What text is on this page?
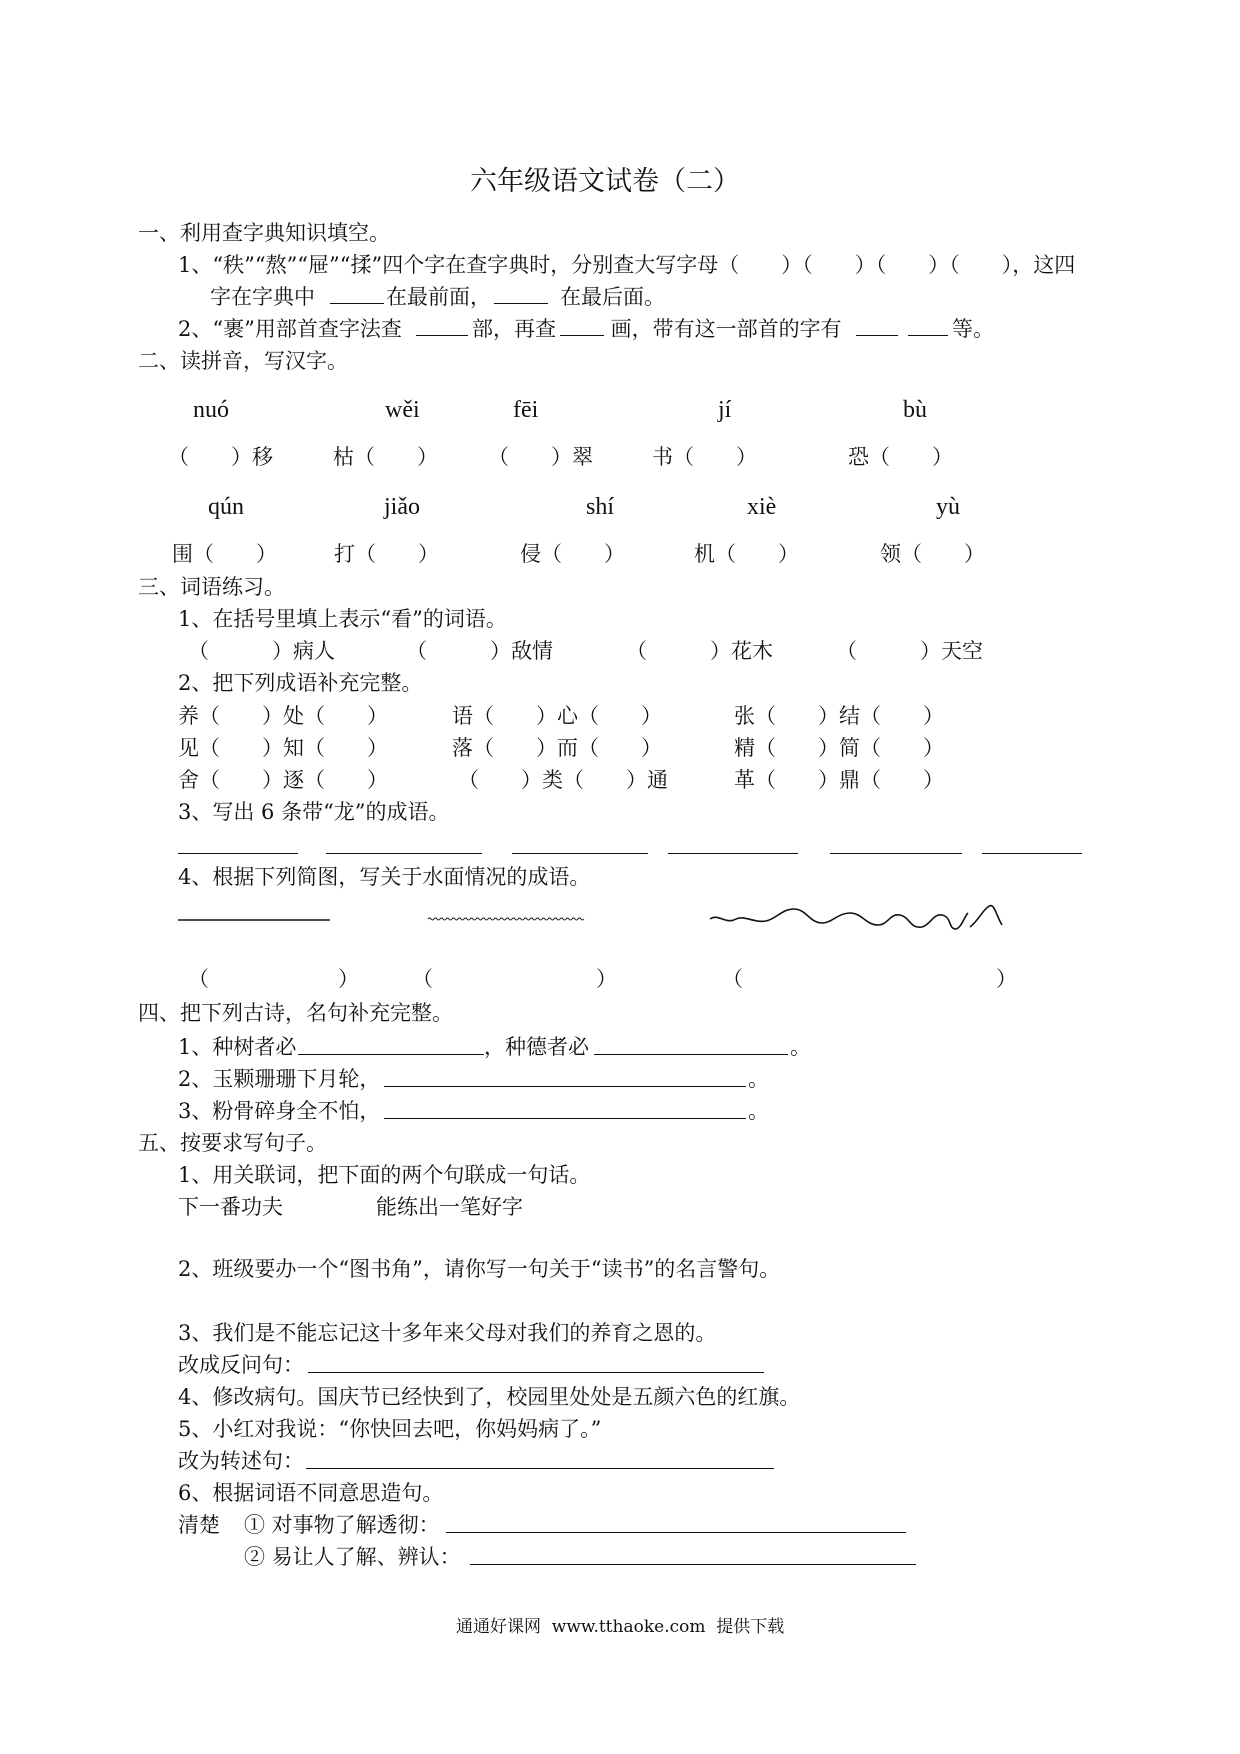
六年级语文试卷（二）
一、利用查字典知识填空。
1、“秩”“熬”“屉”“揉”四个字在查字典时，分别查大写字母（　　）（　　）（　　）（　　），这四
字在字典中	在最前面，	在最后面。
2、“裹”用部首查字法查	部，再查 画，带有这一部首的字有	等。
二、读拼音，写汉字。
nuó	wěi	fēi	jí	bù
（　　）移	枯（　　） （　　）翠	书（　　）	恐（　　）
qún	jiǎo	shí	xiè	yù
围（　　）	打（　　）	侵（　　）	机（　　）	领（　　）
三、词语练习。
1、在括号里填上表示“看”的词语。
（　　　）病人	（　　　）敌情	（　　　）花木	（　　　）天空
2、把下列成语补充完整。
养（　　）处（　　）	语（　　）心（　　）	张（　　）结（　　）
见（　　）知（　　）	落（　　）而（　　）	精（　　）简（　　）
舍（　　）逐（　　）	（　　）类（　　）通	革（　　）鼎（　　）
3、写出 6 条带“龙”的成语。
4、根据下列简图，写关于水面情况的成语。
（	）	（	）	（	）
四、把下列古诗，名句补充完整。
1、种树者必	，种德者必	。
2、玉颗珊珊下月轮，	。
3、粉骨碎身全不怕，	。
五、按要求写句子。
1、用关联词，把下面的两个句联成一句话。
下一番功夫	能练出一笔好字
2、班级要办一个“图书角”，请你写一句关于“读书”的名言警句。
3、我们是不能忘记这十多年来父母对我们的养育之恩的。
改成反问句：
4、修改病句。国庆节已经快到了，校园里处处是五颜六色的红旗。
5、小红对我说：“你快回去吧，你妈妈病了。”
改为转述句：
6、根据词语不同意思造句。
清楚 ① 对事物了解透彻：
② 易让人了解、辨认：
通通好课网  www.tthaoke.com  提供下载
